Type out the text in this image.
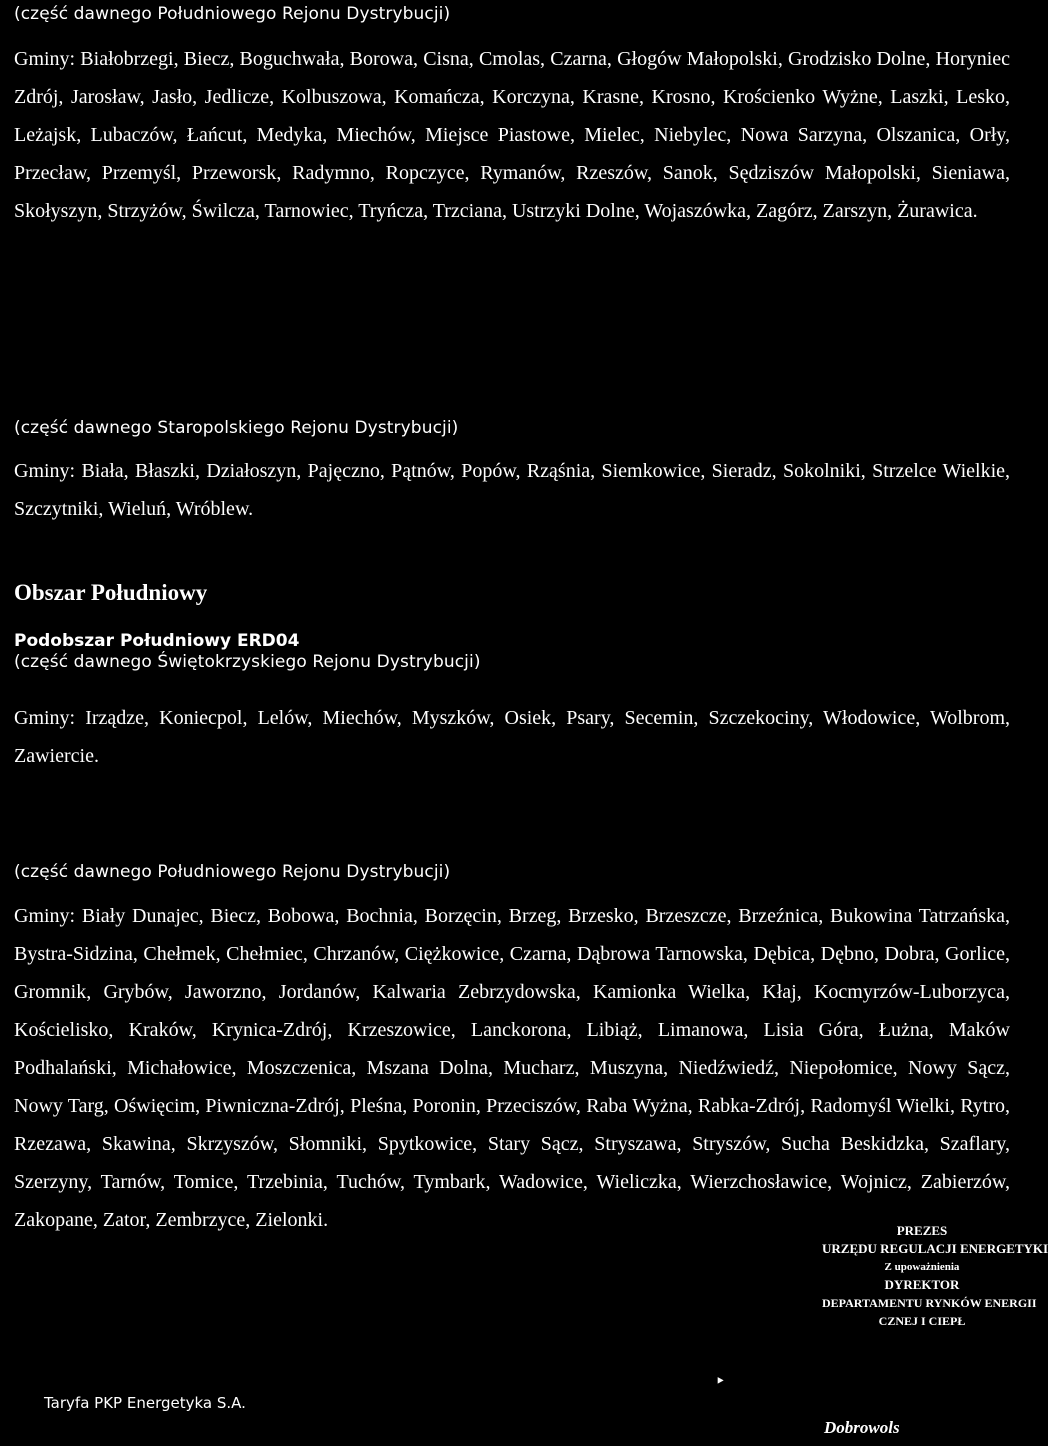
(część dawnego Południowego Rejonu Dystrybucji)
Gminy: Białobrzegi, Biecz, Boguchwała, Borowa, Cisna, Cmolas, Czarna, Głogów Małopolski, Grodzisko Dolne, Horyniec Zdrój, Jarosław, Jasło, Jedlicze, Kolbuszowa, Komańcza, Korczyna, Krasne, Krosno, Krościenko Wyżne, Laszki, Lesko, Leżajsk, Lubaczów, Łańcut, Medyka, Miechów, Miejsce Piastowe, Mielec, Niebylec, Nowa Sarzyna, Olszanica, Orły, Przecław, Przemyśl, Przeworsk, Radymno, Ropczyce, Rymanów, Rzeszów, Sanok, Sędziszów Małopolski, Sieniawa, Skołyszyn, Strzyżów, Świlcza, Tarnowiec, Tryńcza, Trzciana, Ustrzyki Dolne, Wojaszówka, Zagórz, Zarszyn, Żurawica.
(część dawnego Staropolskiego Rejonu Dystrybucji)
Gminy: Biała, Błaszki, Działoszyn, Pajęczno, Pątnów, Popów, Rząśnia, Siemkowice, Sieradz, Sokolniki, Strzelce Wielkie, Szczytniki, Wieluń, Wróblew.
Obszar Południowy
Podobszar Południowy ERD04
(część dawnego Świętokrzyskiego Rejonu Dystrybucji)
Gminy: Irządze, Koniecpol, Lelów, Miechów, Myszków, Osiek, Psary, Secemin, Szczekociny, Włodowice, Wolbrom, Zawiercie.
(część dawnego Południowego Rejonu Dystrybucji)
Gminy: Biały Dunajec, Biecz, Bobowa, Bochnia, Borzęcin, Brzeg, Brzesko, Brzeszcze, Brzeźnica, Bukowina Tatrzańska, Bystra-Sidzina, Chełmek, Chełmiec, Chrzanów, Ciężkowice, Czarna, Dąbrowa Tarnowska, Dębica, Dębno, Dobra, Gorlice, Gromnik, Grybów, Jaworzno, Jordanów, Kalwaria Zebrzydowska, Kamionka Wielka, Kłaj, Kocmyrzów-Luborzyca, Kościelisko, Kraków, Krynica-Zdrój, Krzeszowice, Lanckorona, Libiąż, Limanowa, Lisia Góra, Łużna, Maków Podhalański, Michałowice, Moszczenica, Mszana Dolna, Mucharz, Muszyna, Niedźwiedź, Niepołomice, Nowy Sącz, Nowy Targ, Oświęcim, Piwniczna-Zdrój, Pleśna, Poronin, Przeciszów, Raba Wyżna, Rabka-Zdrój, Radomyśl Wielki, Rytro, Rzezawa, Skawina, Skrzyszów, Słomniki, Spytkowice, Stary Sącz, Stryszawa, Stryszów, Sucha Beskidzka, Szaflary, Szerzyny, Tarnów, Tomice, Trzebinia, Tuchów, Tymbark, Wadowice, Wieliczka, Wierzchosławice, Wojnicz, Zabierzów, Zakopane, Zator, Zembrzyce, Zielonki.	PREZES
URZĘDU REGULACJI ENERGETYKI
Z upoważnienia
DYREKTOR
DEPARTAMENTU RYNKÓW ENERGII
CZNEJ I CIEPŁ
‣
Taryfa PKP Energetyka S.A.
Dobrowols
